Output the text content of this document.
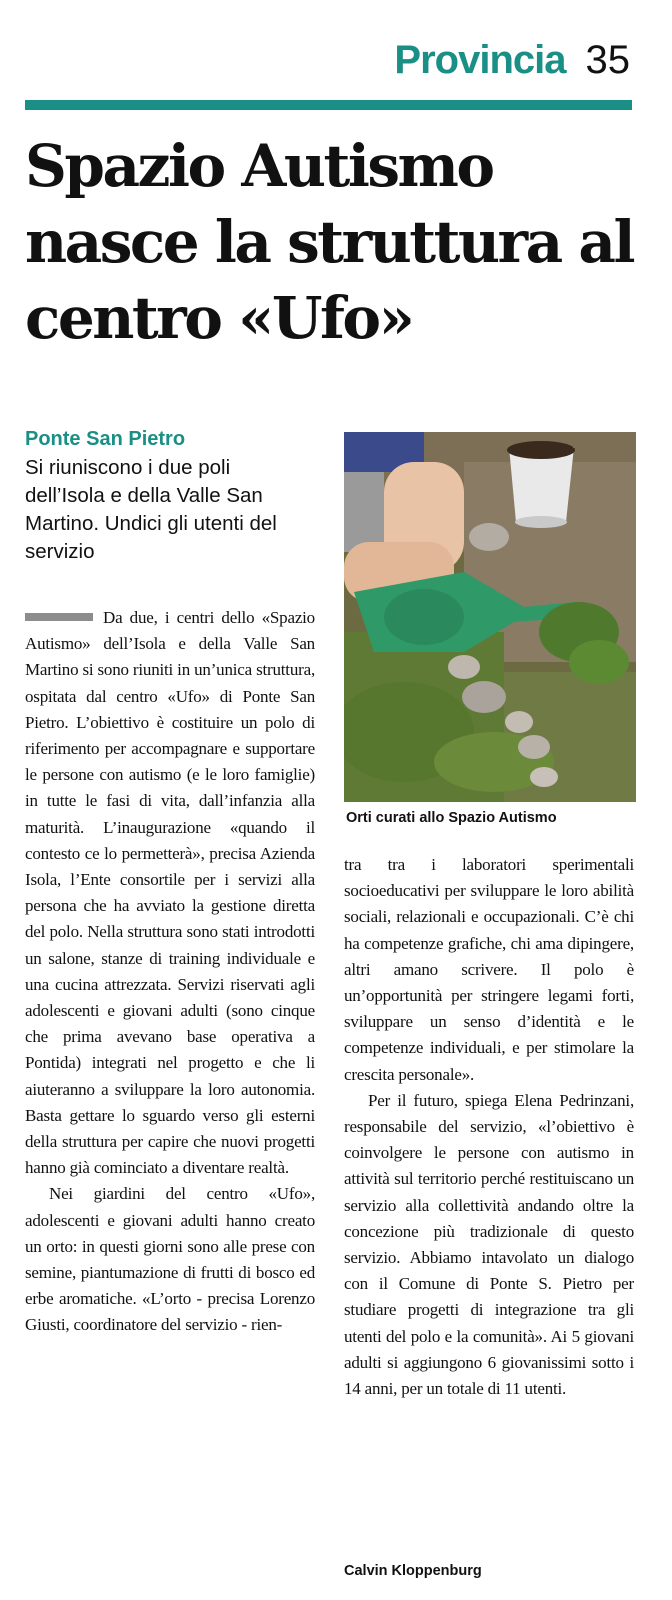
Provincia 35
Spazio Autismo nasce la struttura al centro «Ufo»
Ponte San Pietro

Si riuniscono i due poli dell’Isola e della Valle San Martino. Undici gli utenti del servizio

Orti curati allo Spazio Autismo

Da due, i centri dello «Spazio Autismo» dell’Isola e della Valle San Martino si sono riuniti in un’unica struttura, ospitata dal centro «Ufo» di Ponte San Pietro. L’obiettivo è costituire un polo di riferimento per accompagnare e supportare le persone con autismo (e le loro famiglie) in tutte le fasi di vita, dall’infanzia alla maturità. L’inaugurazione «quando il contesto ce lo permetterà», precisa Azienda Isola, l’Ente consortile per i servizi alla persona che ha avviato la gestione diretta del polo. Nella struttura sono stati introdotti un salone, stanze di training individuale e una cucina attrezzata. Servizi riservati agli adolescenti e giovani adulti (sono cinque che prima avevano base operativa a Pontida) integrati nel progetto e che li aiuteranno a sviluppare la loro autonomia. Basta gettare lo sguardo verso gli esterni della struttura per capire che nuovi progetti hanno già cominciato a diventare realtà.

Nei giardini del centro «Ufo», adolescenti e giovani adulti hanno creato un orto: in questi giorni sono alle prese con semine, piantumazione di frutti di bosco ed erbe aromatiche. «L’orto - precisa Lorenzo Giusti, coordinatore del servizio - rien-

tra tra i laboratori sperimentali socioeducativi per sviluppare le loro abilità sociali, relazionali e occupazionali. C’è chi ha competenze grafiche, chi ama dipingere, altri amano scrivere. Il polo è un’opportunità per stringere legami forti, sviluppare un senso d’identità e le competenze individuali, e per stimolare la crescita personale».

Per il futuro, spiega Elena Pedrinzani, responsabile del servizio, «l’obiettivo è coinvolgere le persone con autismo in attività sul territorio perché restituiscano un servizio alla collettività andando oltre la concezione più tradizionale di questo servizio. Abbiamo intavolato un dialogo con il Comune di Ponte S. Pietro per studiare progetti di integrazione tra gli utenti del polo e la comunità». Ai 5 giovani adulti si aggiungono 6 giovanissimi sotto i 14 anni, per un totale di 11 utenti.

Calvin Kloppenburg
